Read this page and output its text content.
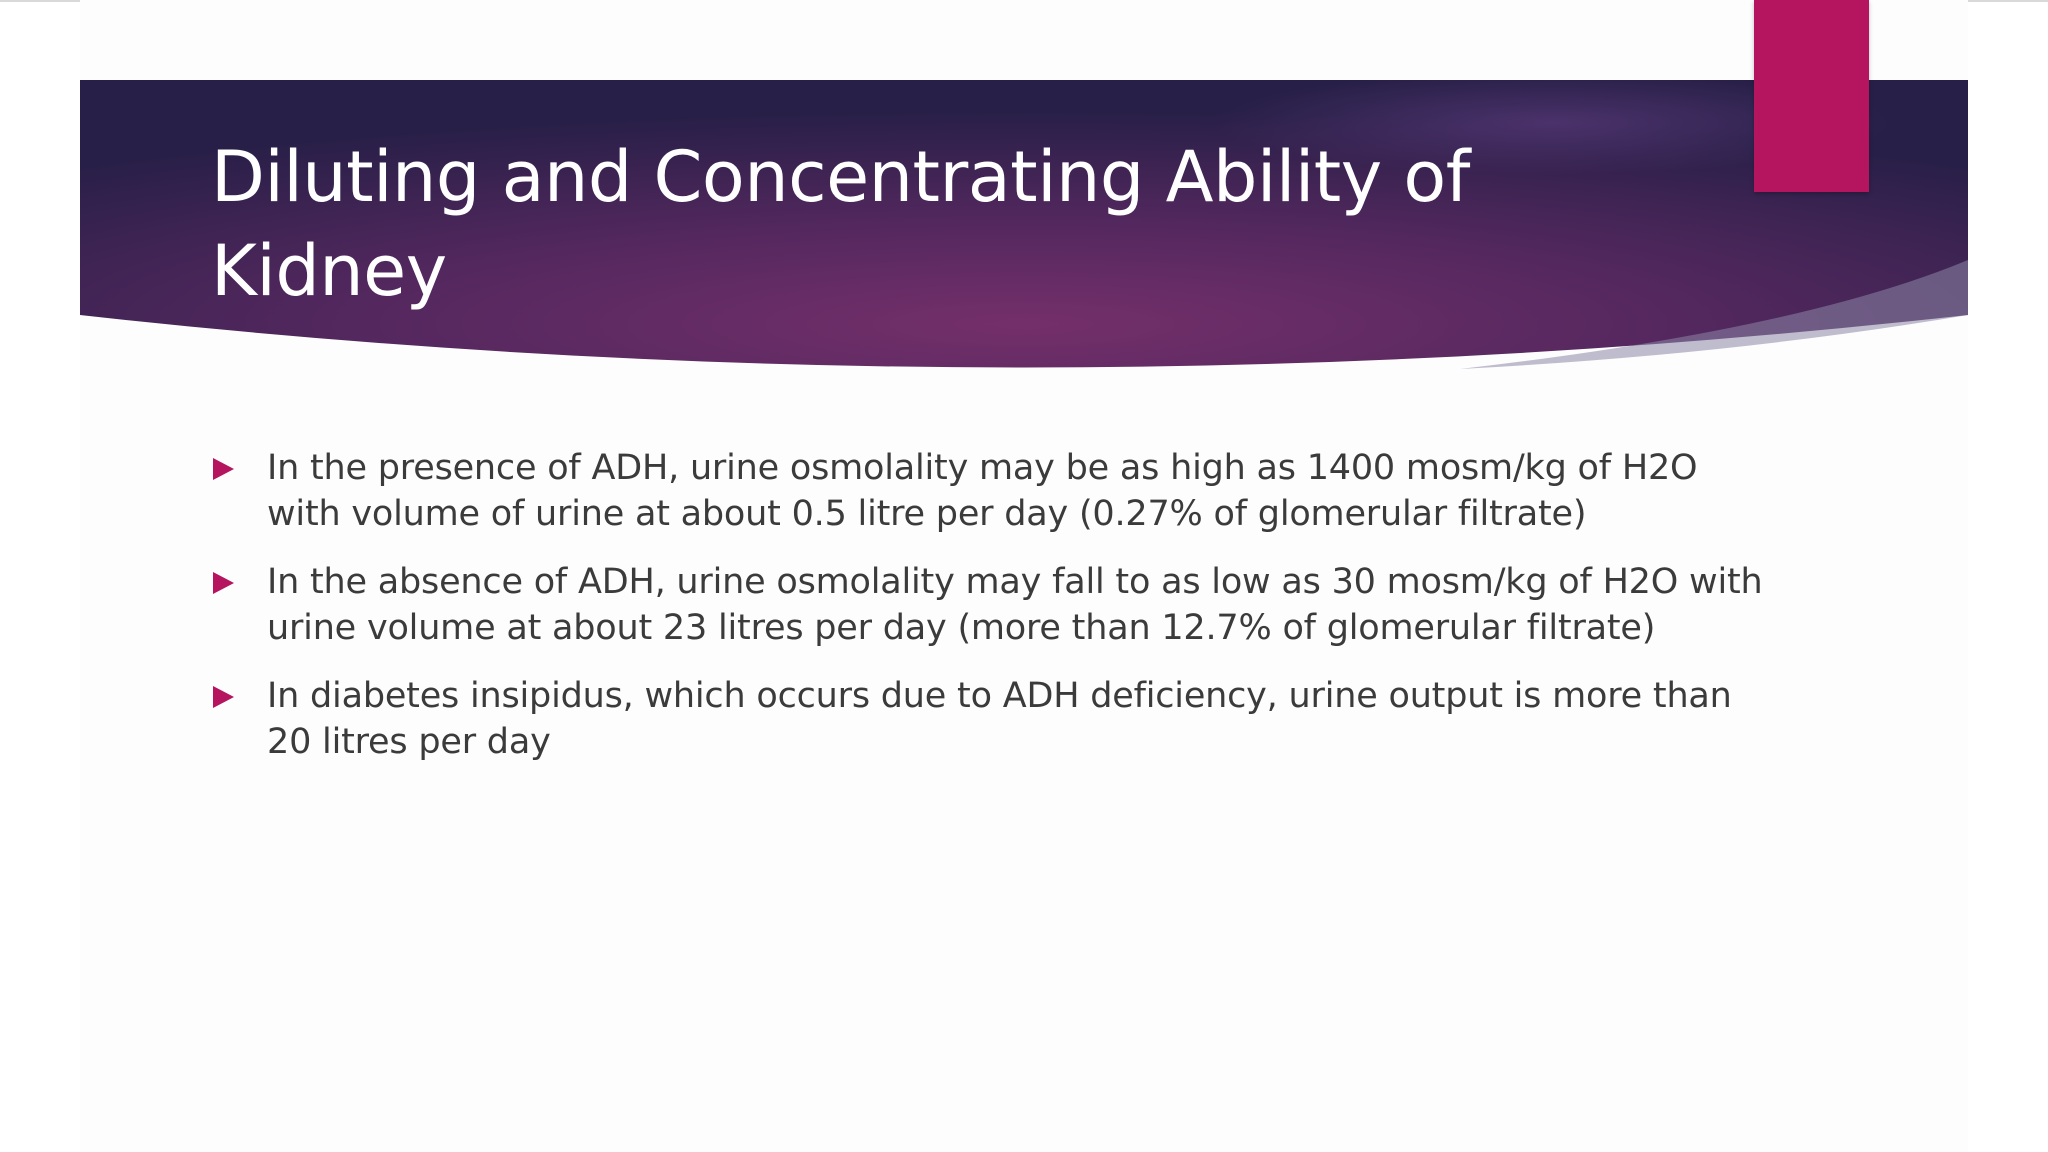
Diluting and Concentrating Ability of Kidney
In the presence of ADH, urine osmolality may be as high as 1400 mosm/kg of H2O with volume of urine at about 0.5 litre per day (0.27% of glomerular filtrate)
In the absence of ADH, urine osmolality may fall to as low as 30 mosm/kg of H2O with urine volume at about 23 litres per day (more than 12.7% of glomerular filtrate)
In diabetes insipidus, which occurs due to ADH deficiency, urine output is more than 20 litres per day
